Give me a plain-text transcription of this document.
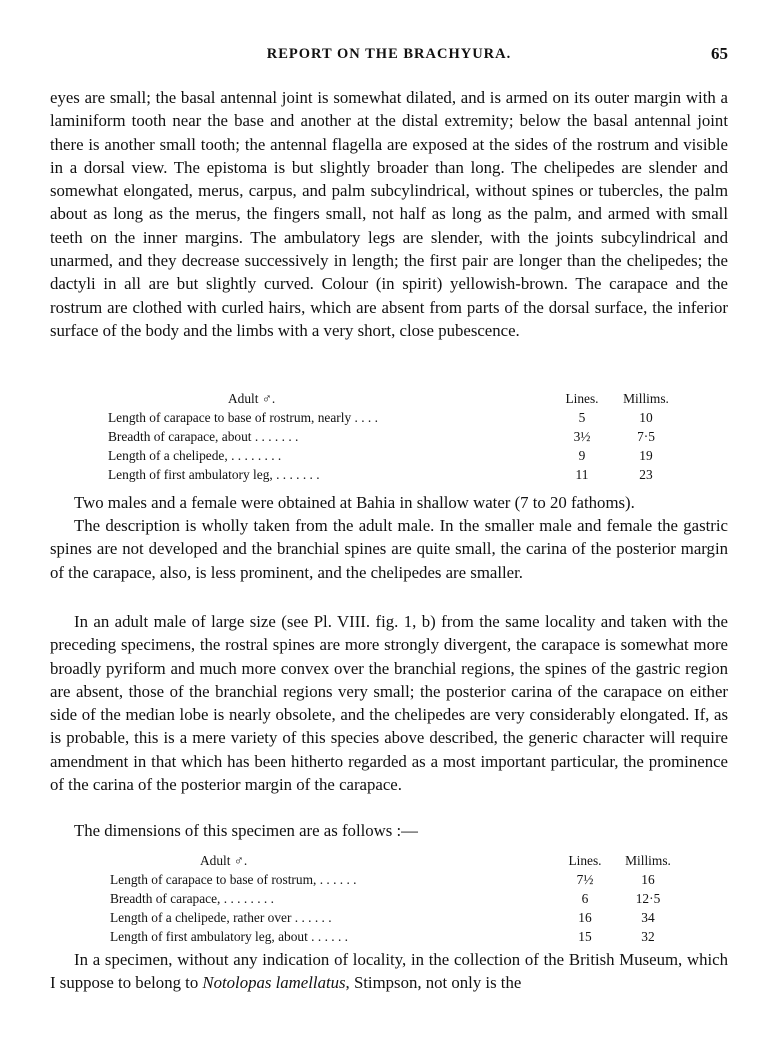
REPORT ON THE BRACHYURA.	65

eyes are small; the basal antennal joint is somewhat dilated, and is armed on its outer margin with a laminiform tooth near the base and another at the distal extremity; below the basal antennal joint there is another small tooth; the antennal flagella are exposed at the sides of the rostrum and visible in a dorsal view. The epistoma is but slightly broader than long. The chelipedes are slender and somewhat elongated, merus, carpus, and palm subcylindrical, without spines or tubercles, the palm about as long as the merus, the fingers small, not half as long as the palm, and armed with small teeth on the inner margins. The ambulatory legs are slender, with the joints subcylindrical and unarmed, and they decrease successively in length; the first pair are longer than the chelipedes; the dactyli in all are but slightly curved. Colour (in spirit) yellowish-brown. The carapace and the rostrum are clothed with curled hairs, which are absent from parts of the dorsal surface, the inferior surface of the body and the limbs with a very short, close pubescence.

Adult ♂.	Lines. Millims.
Length of carapace to base of rostrum, nearly . . . .	5	10
Breadth of carapace, about . . . . . . .	3½	7·5
Length of a chelipede, . . . . . . . .	9	19
Length of first ambulatory leg, . . . . . . .	11	23

Two males and a female were obtained at Bahia in shallow water (7 to 20 fathoms).

The description is wholly taken from the adult male. In the smaller male and female the gastric spines are not developed and the branchial spines are quite small, the carina of the posterior margin of the carapace, also, is less prominent, and the chelipedes are smaller.

In an adult male of large size (see Pl. VIII. fig. 1, b) from the same locality and taken with the preceding specimens, the rostral spines are more strongly divergent, the carapace is somewhat more broadly pyriform and much more convex over the branchial regions, the spines of the gastric region are absent, those of the branchial regions very small; the posterior carina of the carapace on either side of the median lobe is nearly obsolete, and the chelipedes are very considerably elongated. If, as is probable, this is a mere variety of this species above described, the generic character will require amendment in that which has been hitherto regarded as a most important particular, the prominence of the carina of the posterior margin of the carapace.

The dimensions of this specimen are as follows :—

Adult ♂.	Lines. Millims.
Length of carapace to base of rostrum, . . . . . .	7½	16
Breadth of carapace, . . . . . . . .	6	12·5
Length of a chelipede, rather over . . . . . .	16	34
Length of first ambulatory leg, about . . . . . .	15	32

In a specimen, without any indication of locality, in the collection of the British Museum, which I suppose to belong to Notolopas lamellatus, Stimpson, not only is the
